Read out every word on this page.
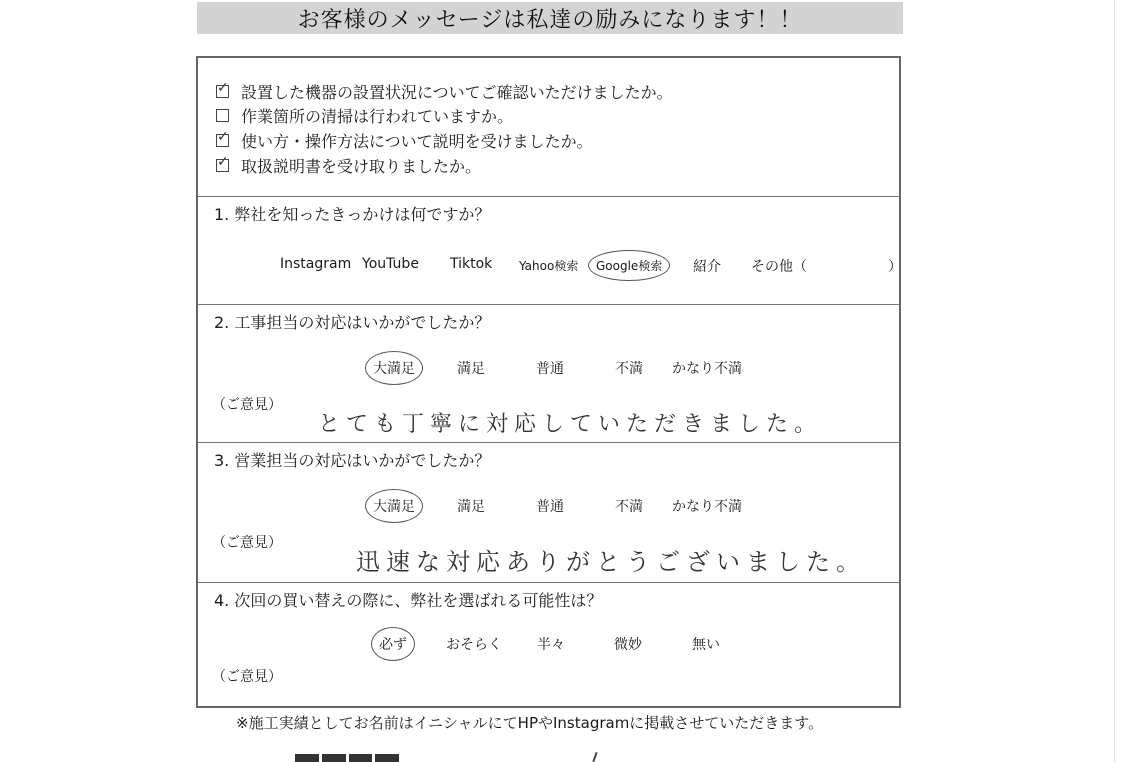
お客様のメッセージは私達の励みになります！！
✓ 設置した機器の設置状況についてご確認いただけましたか。
作業箇所の清掃は行われていますか。
✓ 使い方・操作方法について説明を受けましたか。
✓ 取扱説明書を受け取りましたか。
1. 弊社を知ったきっかけは何ですか？
Instagram YouTube Tiktok Yahoo検索 Google検索 紹介 その他（	）
2. 工事担当の対応はいかがでしたか？
大満足	満足	普通	不満 かなり不満
（ご意見）
とても丁寧に対応していただきました。
3. 営業担当の対応はいかがでしたか？
大満足	満足	普通	不満 かなり不満
（ご意見）
迅速な対応ありがとうございました。
4. 次回の買い替えの際に、弊社を選ばれる可能性は？
必ず	おそらく	半々	微妙	無い
（ご意見）
※施工実績としてお名前はイニシャルにてHPやInstagramに掲載させていただきます。
